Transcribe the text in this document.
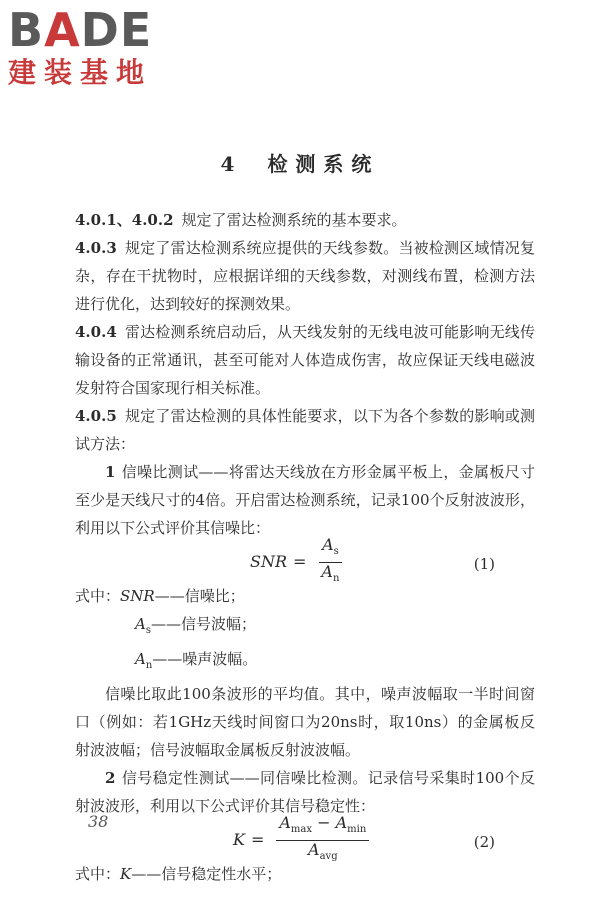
BADE
建装基地
4 检测系统

4.0.1、4.0.2 规定了雷达检测系统的基本要求。

4.0.3 规定了雷达检测系统应提供的天线参数。当被检测区域情况复杂，存在干扰物时，应根据详细的天线参数，对测线布置，检测方法进行优化，达到较好的探测效果。

4.0.4 雷达检测系统启动后，从天线发射的无线电波可能影响无线传输设备的正常通讯，甚至可能对人体造成伤害，故应保证天线电磁波发射符合国家现行相关标准。

4.0.5 规定了雷达检测的具体性能要求，以下为各个参数的影响或测试方法：

1 信噪比测试——将雷达天线放在方形金属平板上，金属板尺寸至少是天线尺寸的4倍。开启雷达检测系统，记录100个反射波波形，利用以下公式评价其信噪比：

SNR = $\frac{A_s}{A_n}$	(1)

式中：SNR——信噪比；

$A_s——$信号波幅；

$A_n——$噪声波幅。

信噪比取此100条波形的平均值。其中，噪声波幅取一半时间窗口（例如：若1GHz天线时间窗口为20ns时，取10ns）的金属板反射波波幅；信号波幅取金属板反射波波幅。

2 信号稳定性测试——同信噪比检测。记录信号采集时100个反射波波形，利用以下公式评价其信号稳定性：

$K = \frac{A_{max} - A_{min}}{A_{avg}}$	(2)

式中：K——信号稳定性水平；

38
